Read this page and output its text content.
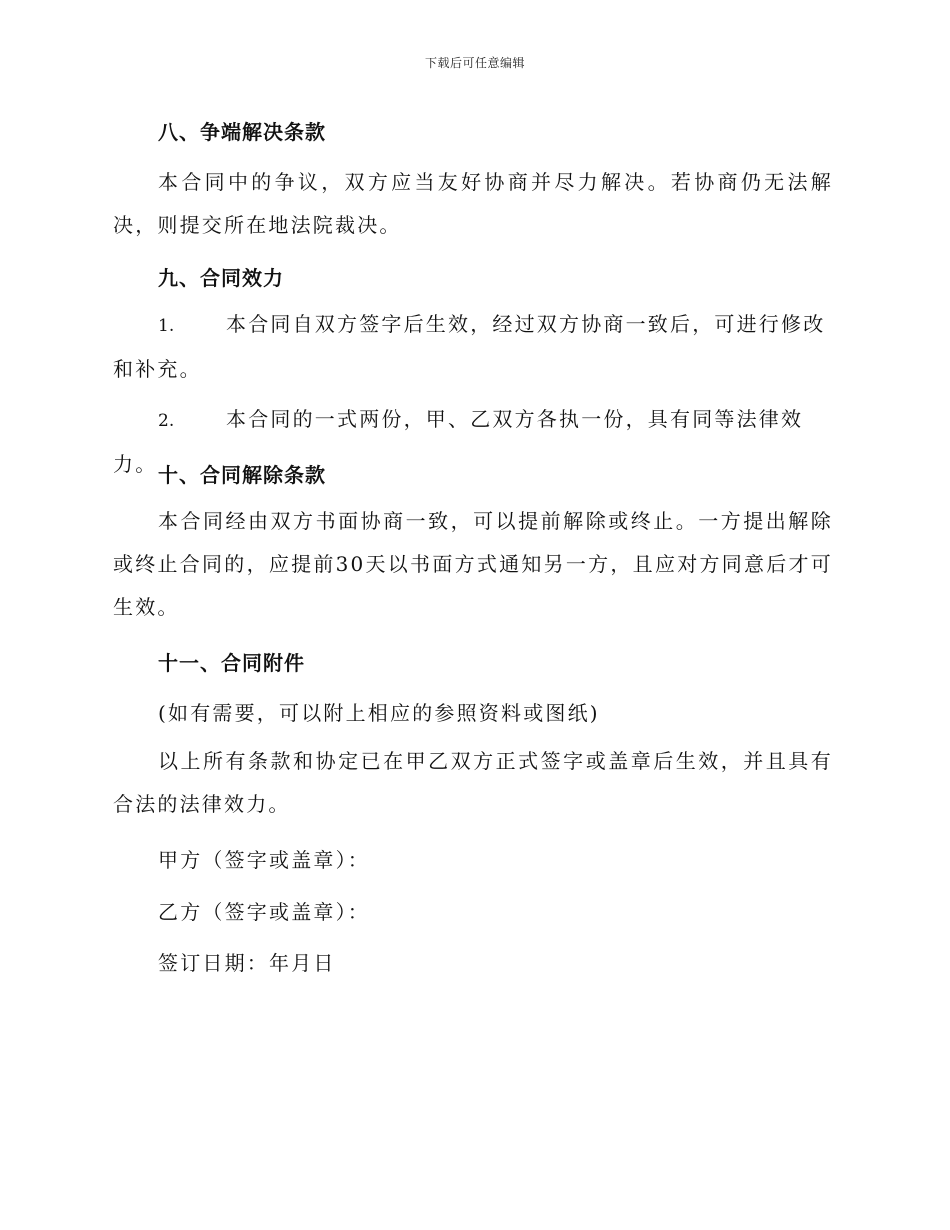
下载后可任意编辑
八、争端解决条款
本合同中的争议，双方应当友好协商并尽力解决。若协商仍无法解决，则提交所在地法院裁决。
九、合同效力
1.	本合同自双方签字后生效，经过双方协商一致后，可进行修改和补充。
2.	本合同的一式两份，甲、乙双方各执一份，具有同等法律效力。 十、合同解除条款
本合同经由双方书面协商一致，可以提前解除或终止。一方提出解除或终止合同的，应提前30天以书面方式通知另一方，且应对方同意后才可生效。
十一、合同附件
(如有需要，可以附上相应的参照资料或图纸)
以上所有条款和协定已在甲乙双方正式签字或盖章后生效，并且具有合法的法律效力。
甲方（签字或盖章）：
乙方（签字或盖章）：
签订日期：年月日
